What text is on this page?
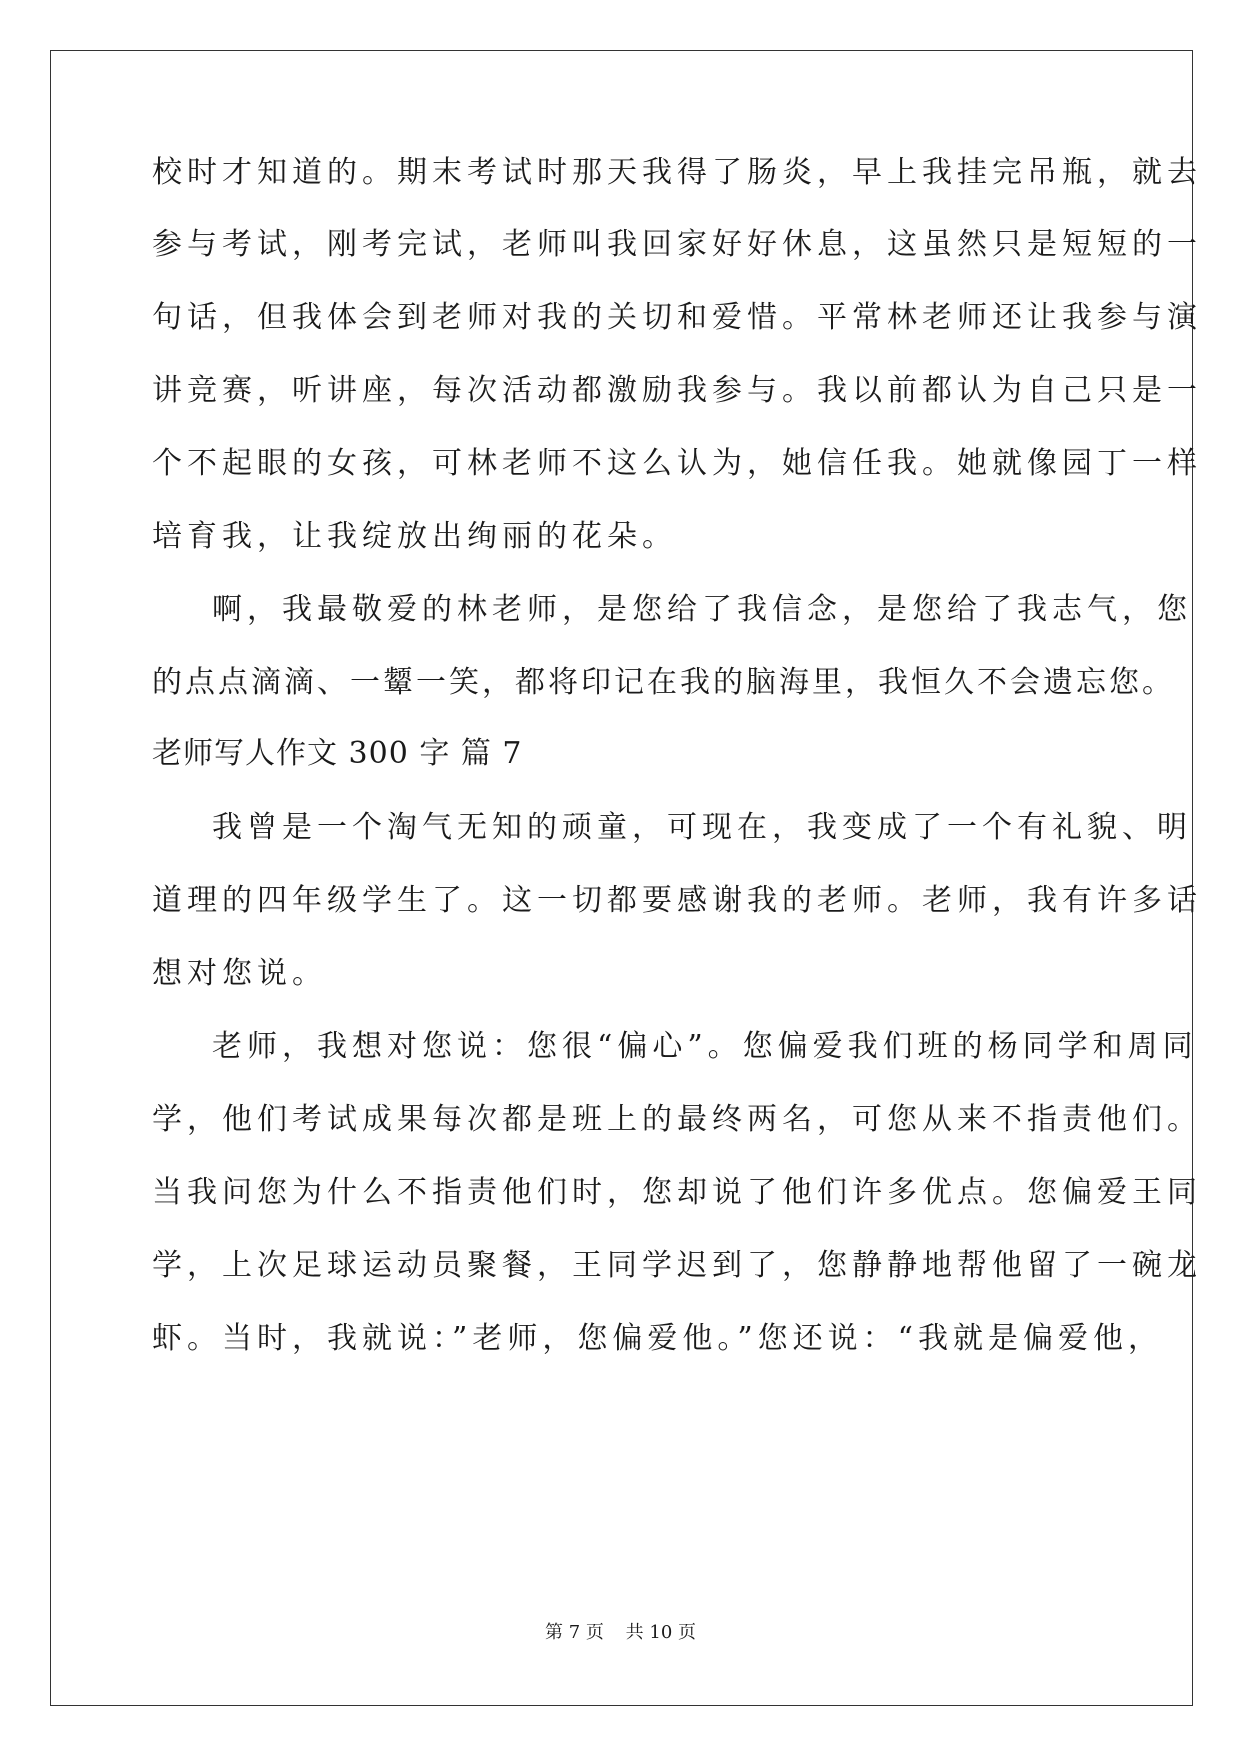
校时才知道的。期末考试时那天我得了肠炎，早上我挂完吊瓶，就去
参与考试，刚考完试，老师叫我回家好好休息，这虽然只是短短的一
句话，但我体会到老师对我的关切和爱惜。平常林老师还让我参与演
讲竞赛，听讲座，每次活动都激励我参与。我以前都认为自己只是一
个不起眼的女孩，可林老师不这么认为，她信任我。她就像园丁一样
培育我，让我绽放出绚丽的花朵。
啊，我最敬爱的林老师，是您给了我信念，是您给了我志气，您
的点点滴滴、一颦一笑，都将印记在我的脑海里，我恒久不会遗忘您。
老师写人作文 300 字 篇 7
我曾是一个淘气无知的顽童，可现在，我变成了一个有礼貌、明
道理的四年级学生了。这一切都要感谢我的老师。老师，我有许多话
想对您说。
老师，我想对您说：您很“偏心”。您偏爱我们班的杨同学和周同
学，他们考试成果每次都是班上的最终两名，可您从来不指责他们。
当我问您为什么不指责他们时，您却说了他们许多优点。您偏爱王同
学，上次足球运动员聚餐，王同学迟到了，您静静地帮他留了一碗龙
虾。当时，我就说：”老师，您偏爱他。”您还说：“我就是偏爱他，
第 7 页 共 10 页
